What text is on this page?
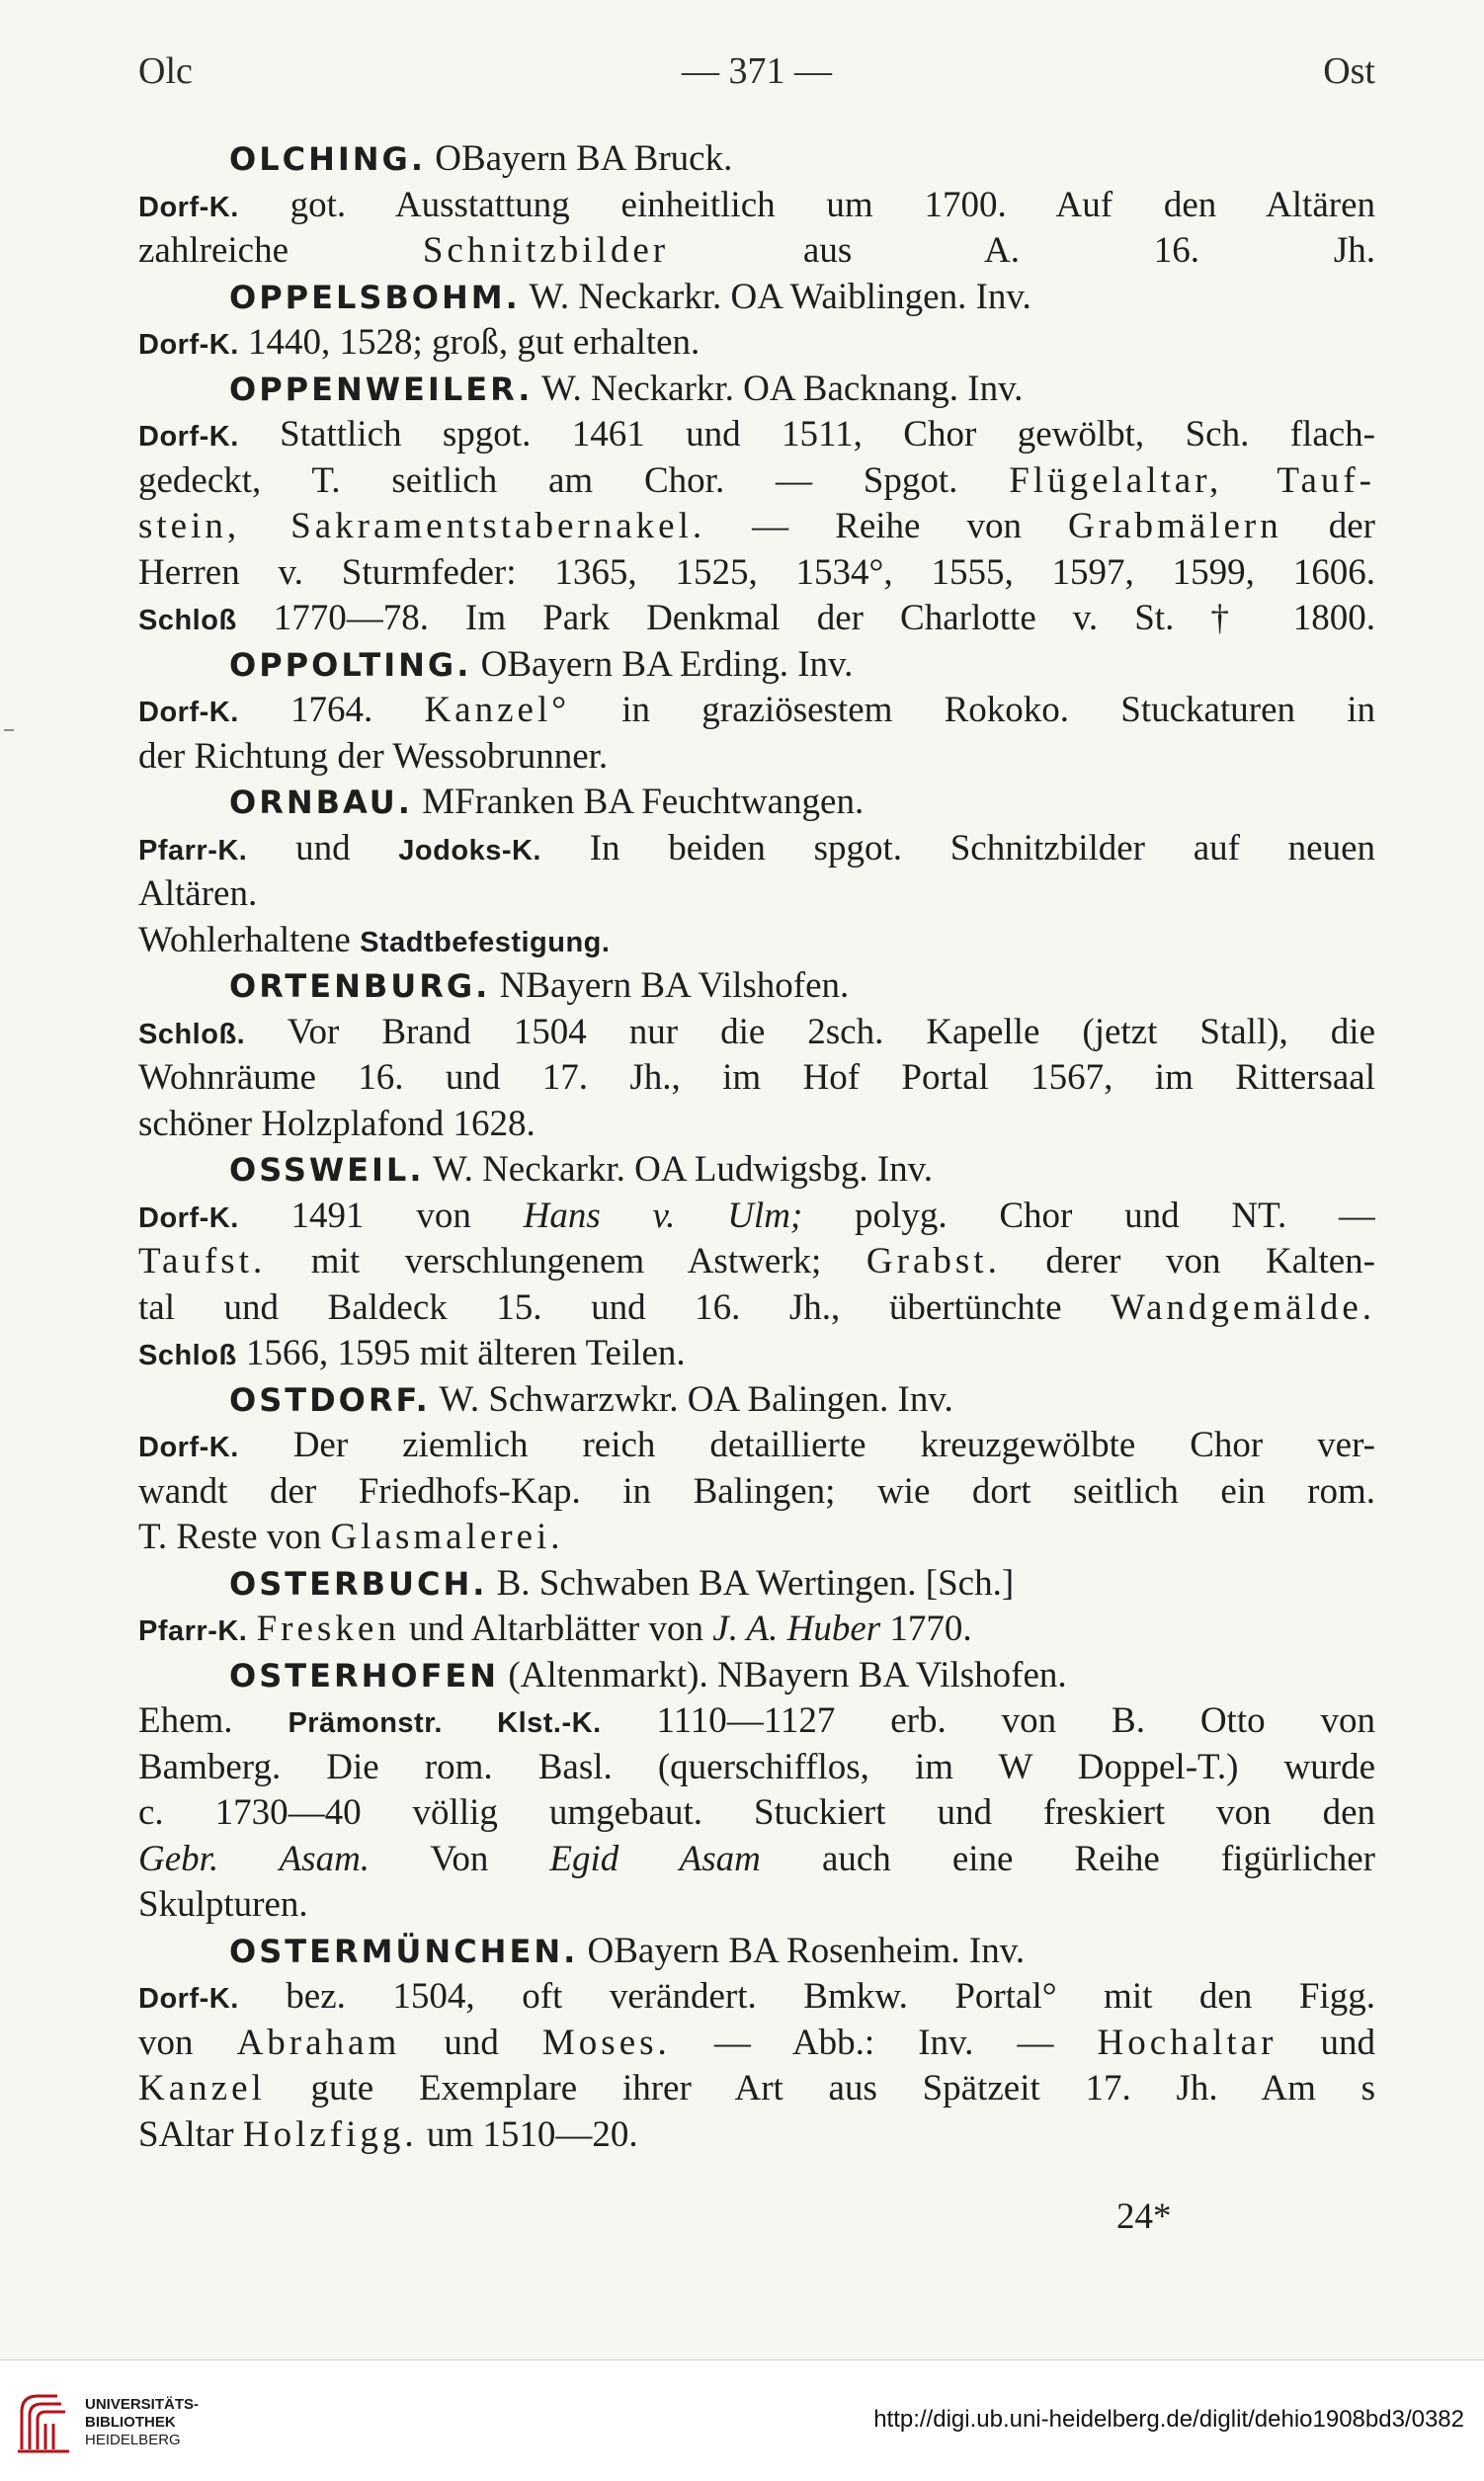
Olc	— 371 —	Ost
OLCHING. OBayern BA Bruck.
Dorf-K. got. Ausstattung einheitlich um 1700. Auf den Altären
zahlreiche Schnitzbilder aus A. 16. Jh.
OPPELSBOHM. W. Neckarkr. OA Waiblingen. Inv.
Dorf-K. 1440, 1528; groß, gut erhalten.
OPPENWEILER. W. Neckarkr. OA Backnang. Inv.
Dorf-K. Stattlich spgot. 1461 und 1511, Chor gewölbt, Sch. flach-
gedeckt, T. seitlich am Chor. — Spgot. Flügelaltar, Tauf-
stein, Sakramentstabernakel. — Reihe von Grabmälern der
Herren v. Sturmfeder: 1365, 1525, 1534°, 1555, 1597, 1599, 1606.
Schloß 1770—78. Im Park Denkmal der Charlotte v. St. † 1800.
OPPOLTING. OBayern BA Erding. Inv.
Dorf-K. 1764. Kanzel° in graziösestem Rokoko. Stuckaturen in
der Richtung der Wessobrunner.
ORNBAU. MFranken BA Feuchtwangen.
Pfarr-K. und Jodoks-K. In beiden spgot. Schnitzbilder auf neuen
Altären.
Wohlerhaltene Stadtbefestigung.
ORTENBURG. NBayern BA Vilshofen.
Schloß. Vor Brand 1504 nur die 2sch. Kapelle (jetzt Stall), die
Wohnräume 16. und 17. Jh., im Hof Portal 1567, im Rittersaal
schöner Holzplafond 1628.
OSSWEIL. W. Neckarkr. OA Ludwigsbg. Inv.
Dorf-K. 1491 von Hans v. Ulm; polyg. Chor und NT. —
Taufst. mit verschlungenem Astwerk; Grabst. derer von Kalten-
tal und Baldeck 15. und 16. Jh., übertünchte Wandgemälde.
Schloß 1566, 1595 mit älteren Teilen.
OSTDORF. W. Schwarzwkr. OA Balingen. Inv.
Dorf-K. Der ziemlich reich detaillierte kreuzgewölbte Chor ver-
wandt der Friedhofs-Kap. in Balingen; wie dort seitlich ein rom.
T. Reste von Glasmalerei.
OSTERBUCH. B. Schwaben BA Wertingen. [Sch.]
Pfarr-K. Fresken und Altarblätter von J. A. Huber 1770.
OSTERHOFEN (Altenmarkt). NBayern BA Vilshofen.
Ehem. Prämonstr. Klst.-K. 1110—1127 erb. von B. Otto von
Bamberg. Die rom. Basl. (querschifflos, im W Doppel-T.) wurde
c. 1730—40 völlig umgebaut. Stuckiert und freskiert von den
Gebr. Asam. Von Egid Asam auch eine Reihe figürlicher
Skulpturen.
OSTERMÜNCHEN. OBayern BA Rosenheim. Inv.
Dorf-K. bez. 1504, oft verändert. Bmkw. Portal° mit den Figg.
von Abraham und Moses. — Abb.: Inv. — Hochaltar und
Kanzel gute Exemplare ihrer Art aus Spätzeit 17. Jh. Am s
SAltar Holzfigg. um 1510—20.
24*
UNIVERSITÄTS-
BIBLIOTHEK
HEIDELBERG
http://digi.ub.uni-heidelberg.de/diglit/dehio1908bd3/0382
